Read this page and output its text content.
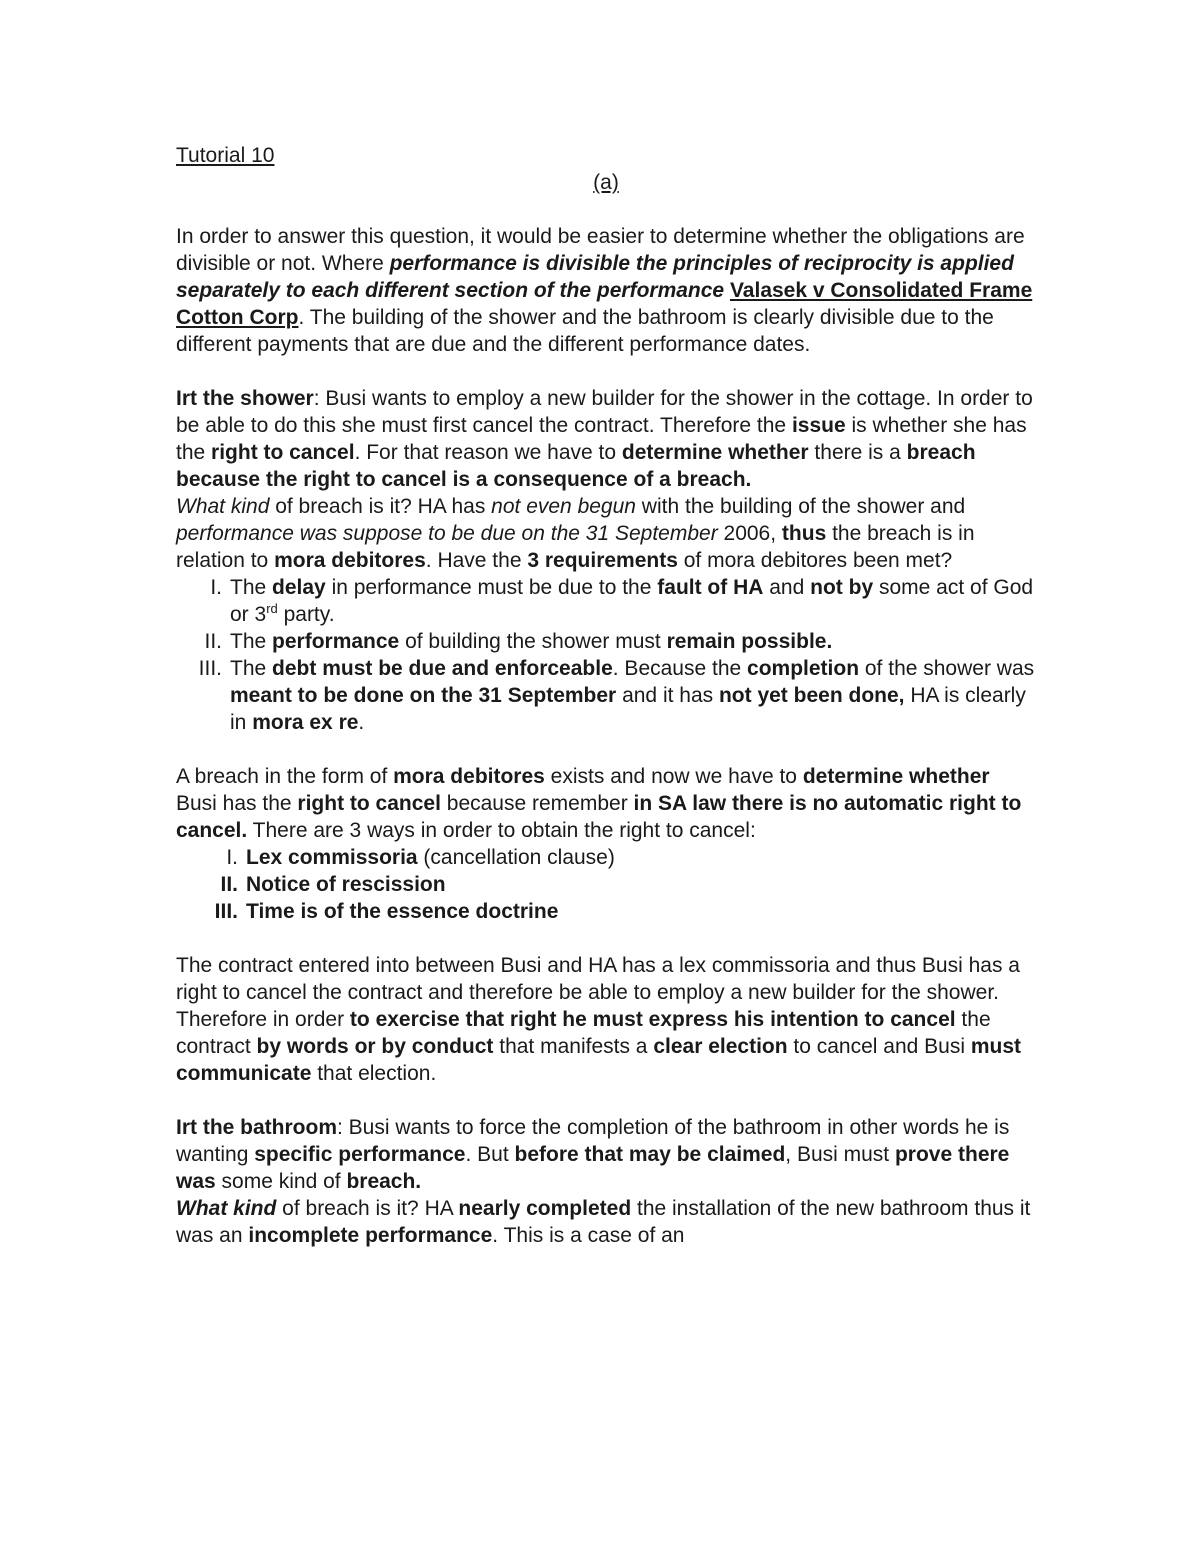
Tutorial 10

(a)

In order to answer this question, it would be easier to determine whether the obligations are divisible or not. Where performance is divisible the principles of reciprocity is applied separately to each different section of the performance Valasek v Consolidated Frame Cotton Corp. The building of the shower and the bathroom is clearly divisible due to the different payments that are due and the different performance dates.

Irt the shower: Busi wants to employ a new builder for the shower in the cottage. In order to be able to do this she must first cancel the contract. Therefore the issue is whether she has the right to cancel. For that reason we have to determine whether there is a breach because the right to cancel is a consequence of a breach.

What kind of breach is it? HA has not even begun with the building of the shower and performance was suppose to be due on the 31 September 2006, thus the breach is in relation to mora debitores. Have the 3 requirements of mora debitores been met?

I. The delay in performance must be due to the fault of HA and not by some act of God or 3rd party.
II. The performance of building the shower must remain possible.
III. The debt must be due and enforceable. Because the completion of the shower was meant to be done on the 31 September and it has not yet been done, HA is clearly in mora ex re.

A breach in the form of mora debitores exists and now we have to determine whether Busi has the right to cancel because remember in SA law there is no automatic right to cancel. There are 3 ways in order to obtain the right to cancel:

I. Lex commissoria (cancellation clause)
II. Notice of rescission
III. Time is of the essence doctrine

The contract entered into between Busi and HA has a lex commissoria and thus Busi has a right to cancel the contract and therefore be able to employ a new builder for the shower. Therefore in order to exercise that right he must express his intention to cancel the contract by words or by conduct that manifests a clear election to cancel and Busi must communicate that election.

Irt the bathroom: Busi wants to force the completion of the bathroom in other words he is wanting specific performance. But before that may be claimed, Busi must prove there was some kind of breach.

What kind of breach is it? HA nearly completed the installation of the new bathroom thus it was an incomplete performance. This is a case of an
